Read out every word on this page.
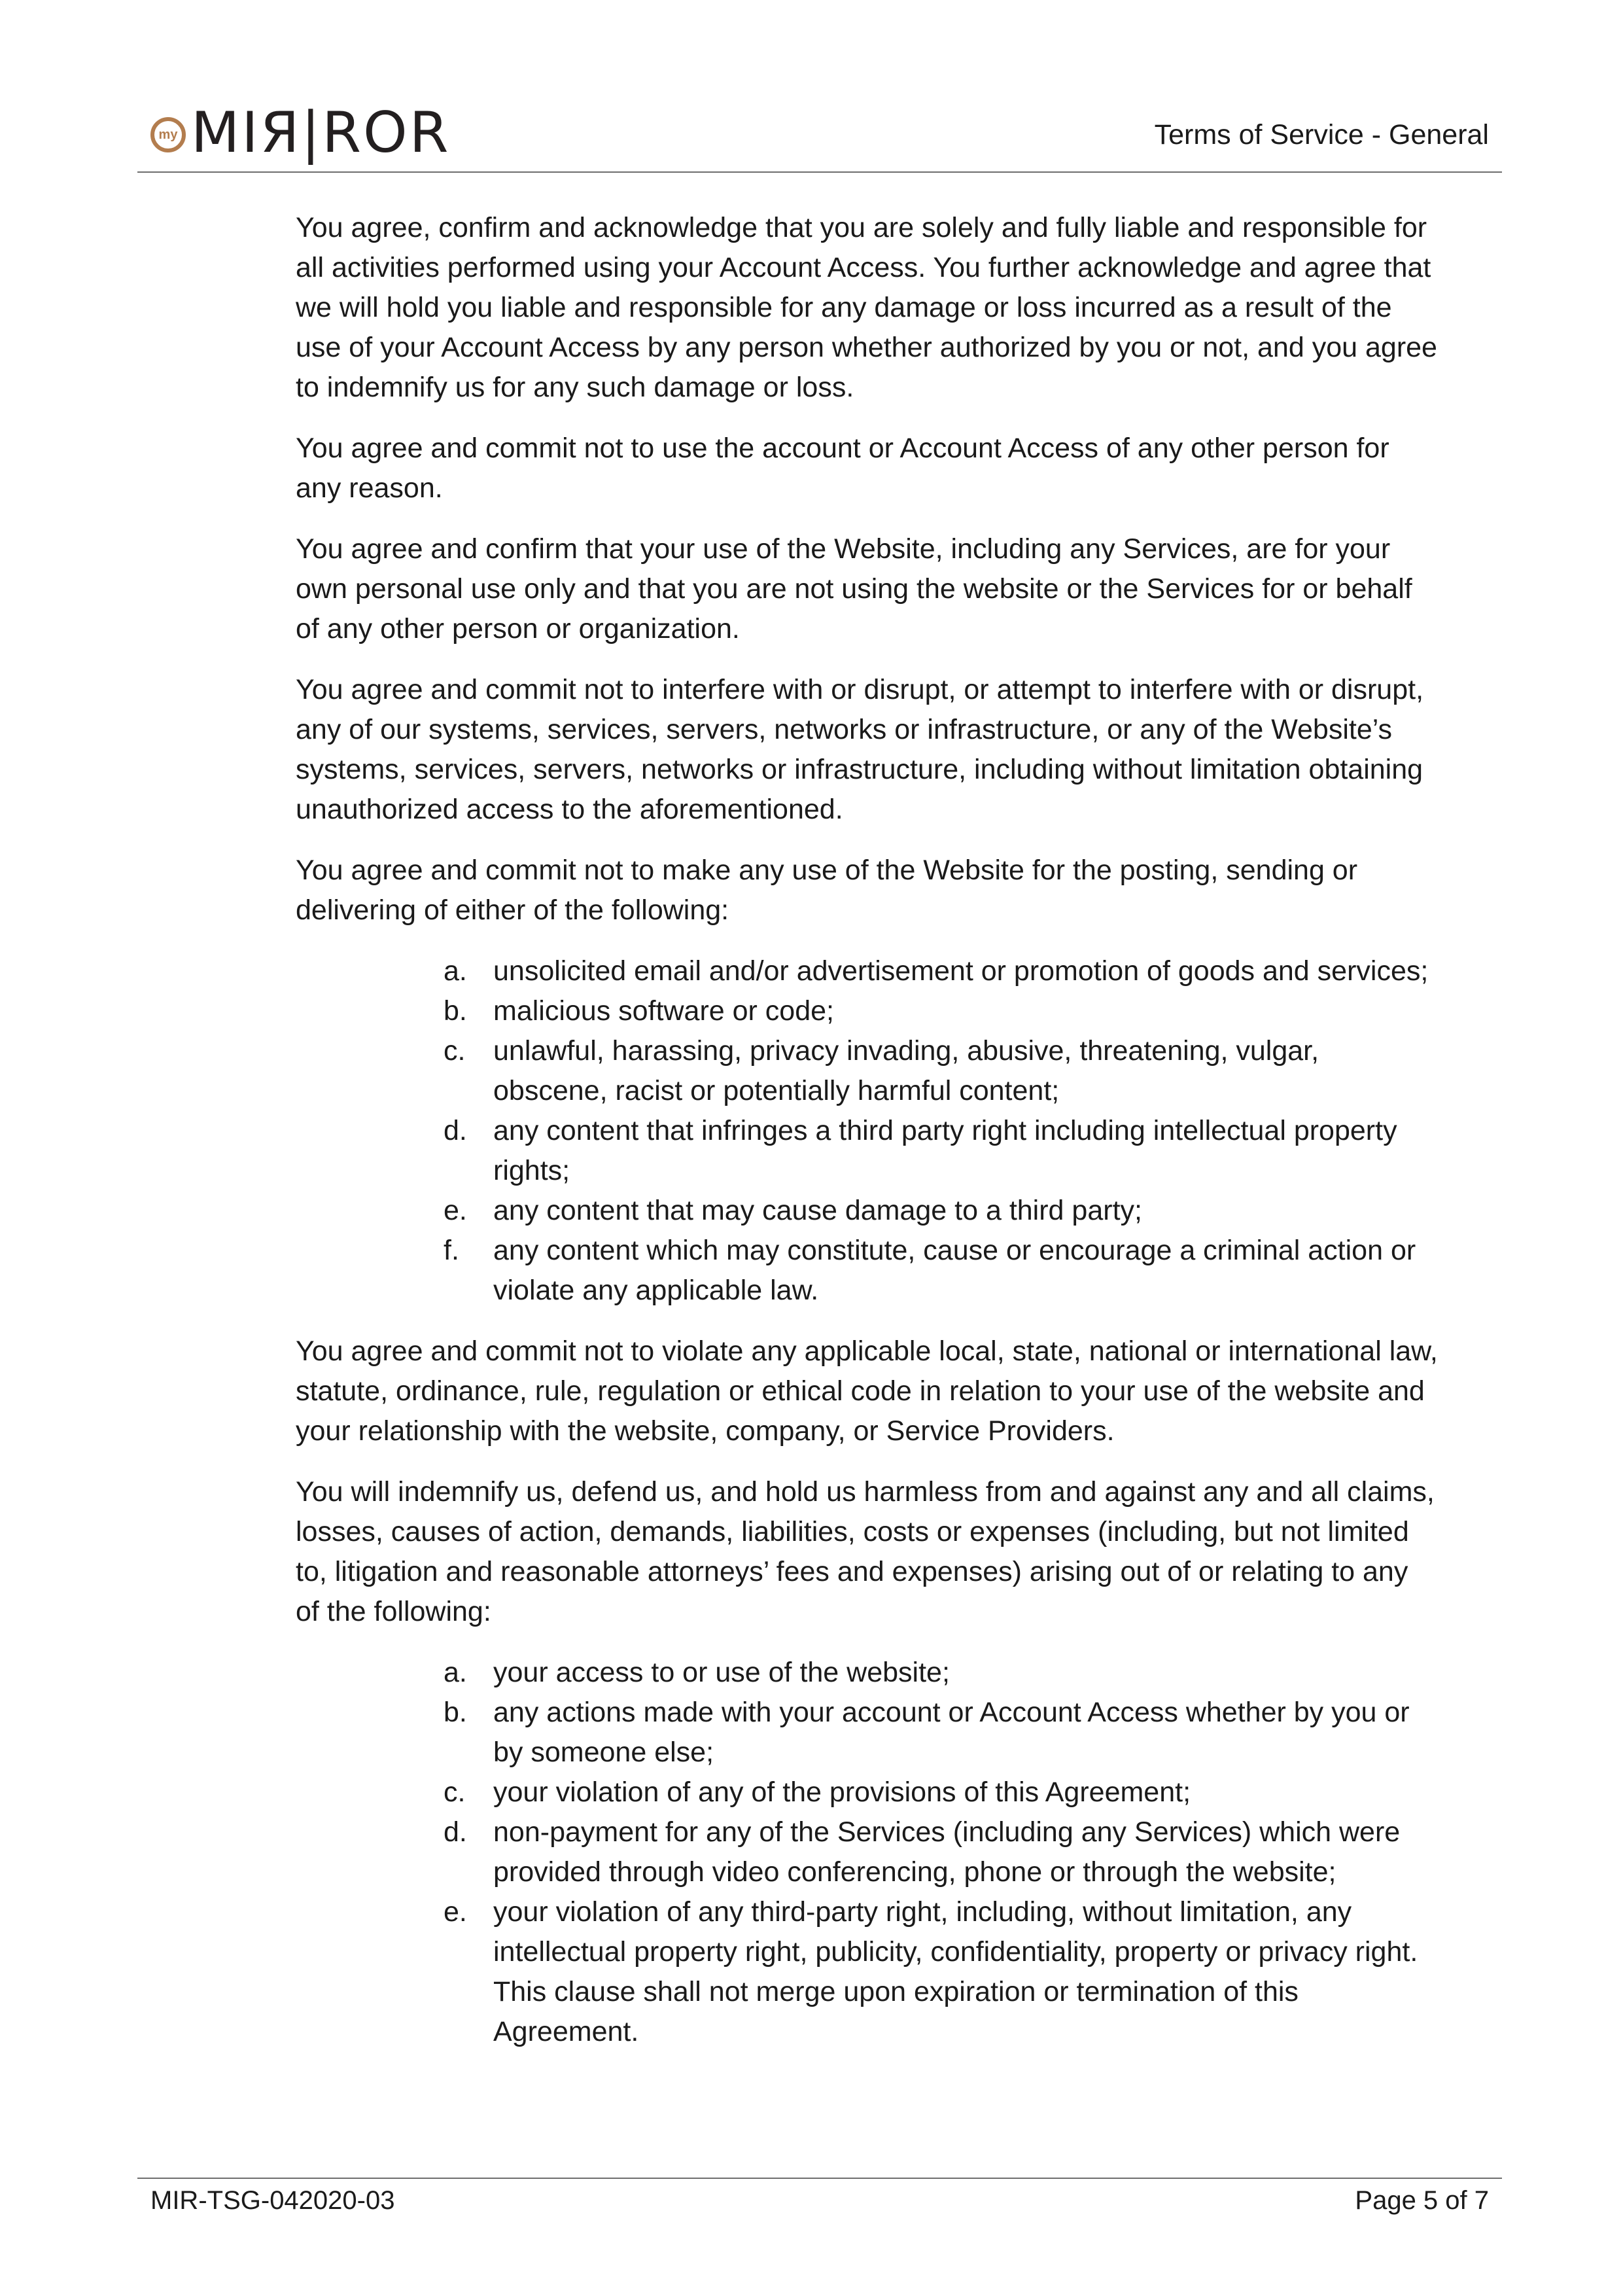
my MIЯ|ROR	Terms of Service - General

You agree, confirm and acknowledge that you are solely and fully liable and responsible for all activities performed using your Account Access. You further acknowledge and agree that we will hold you liable and responsible for any damage or loss incurred as a result of the use of your Account Access by any person whether authorized by you or not, and you agree to indemnify us for any such damage or loss.

You agree and commit not to use the account or Account Access of any other person for any reason.

You agree and confirm that your use of the Website, including any Services, are for your own personal use only and that you are not using the website or the Services for or behalf of any other person or organization.

You agree and commit not to interfere with or disrupt, or attempt to interfere with or disrupt, any of our systems, services, servers, networks or infrastructure, or any of the Website’s systems, services, servers, networks or infrastructure, including without limitation obtaining unauthorized access to the aforementioned.

You agree and commit not to make any use of the Website for the posting, sending or delivering of either of the following:

a. unsolicited email and/or advertisement or promotion of goods and services;
b. malicious software or code;
c. unlawful, harassing, privacy invading, abusive, threatening, vulgar, obscene, racist or potentially harmful content;
d. any content that infringes a third party right including intellectual property rights;
e. any content that may cause damage to a third party;
f. any content which may constitute, cause or encourage a criminal action or violate any applicable law.

You agree and commit not to violate any applicable local, state, national or international law, statute, ordinance, rule, regulation or ethical code in relation to your use of the website and your relationship with the website, company, or Service Providers.

You will indemnify us, defend us, and hold us harmless from and against any and all claims, losses, causes of action, demands, liabilities, costs or expenses (including, but not limited to, litigation and reasonable attorneys’ fees and expenses) arising out of or relating to any of the following:

a. your access to or use of the website;
b. any actions made with your account or Account Access whether by you or by someone else;
c. your violation of any of the provisions of this Agreement;
d. non-payment for any of the Services (including any Services) which were provided through video conferencing, phone or through the website;
e. your violation of any third-party right, including, without limitation, any intellectual property right, publicity, confidentiality, property or privacy right. This clause shall not merge upon expiration or termination of this Agreement.
MIR-TSG-042020-03	Page 5 of 7
